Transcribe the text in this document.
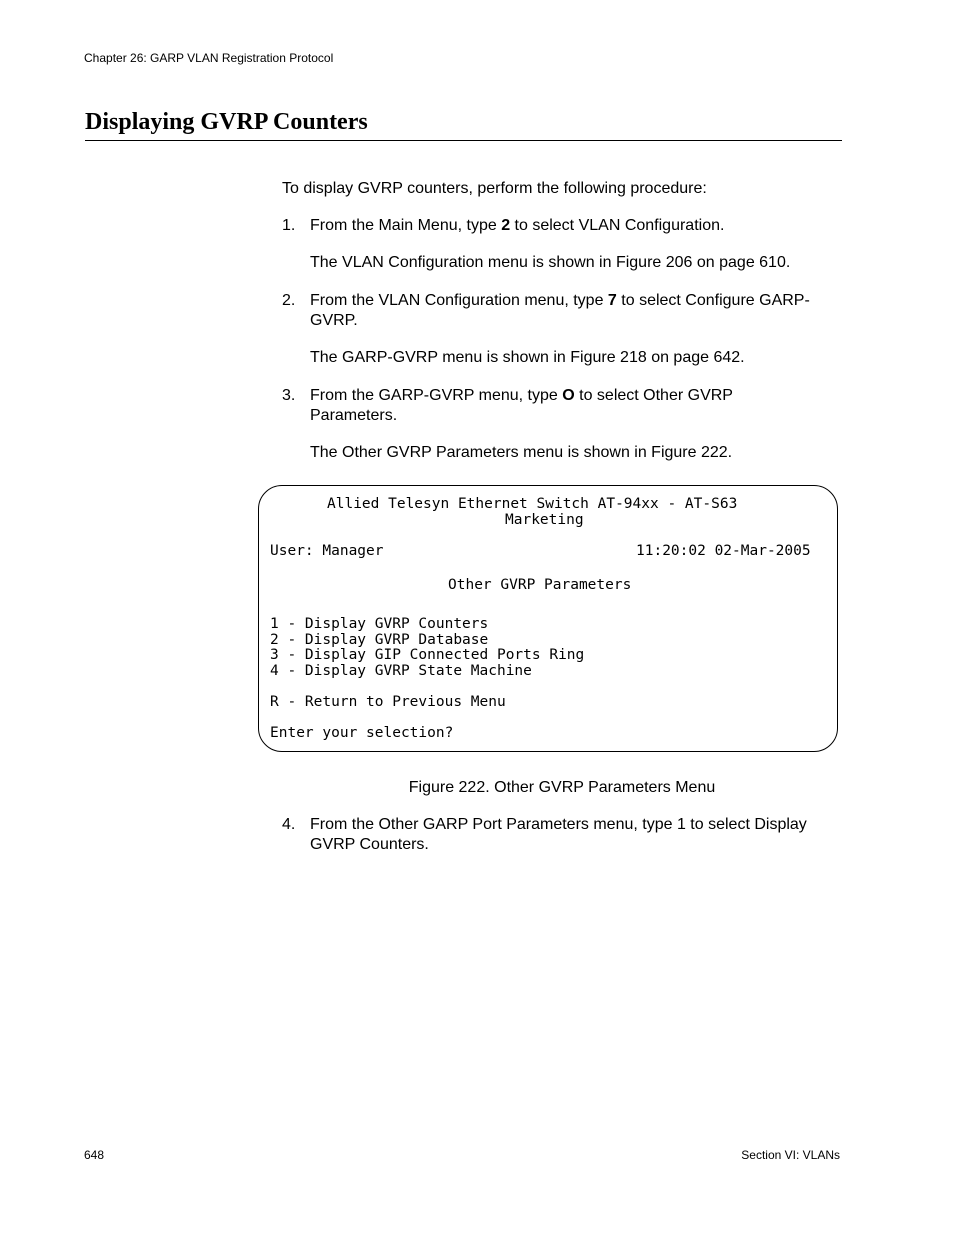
Chapter 26: GARP VLAN Registration Protocol
Displaying GVRP Counters
To display GVRP counters, perform the following procedure:
1. From the Main Menu, type 2 to select VLAN Configuration.
The VLAN Configuration menu is shown in Figure 206 on page 610.
2. From the VLAN Configuration menu, type 7 to select Configure GARP-GVRP.
The GARP-GVRP menu is shown in Figure 218 on page 642.
3. From the GARP-GVRP menu, type O to select Other GVRP Parameters.
The Other GVRP Parameters menu is shown in Figure 222.
Allied Telesyn Ethernet Switch AT-94xx - AT-S63
Marketing
User: Manager	11:20:02 02-Mar-2005
Other GVRP Parameters
1 - Display GVRP Counters
2 - Display GVRP Database
3 - Display GIP Connected Ports Ring
4 - Display GVRP State Machine
R - Return to Previous Menu
Enter your selection?
Figure 222. Other GVRP Parameters Menu
4. From the Other GARP Port Parameters menu, type 1 to select Display GVRP Counters.
648	Section VI: VLANs
